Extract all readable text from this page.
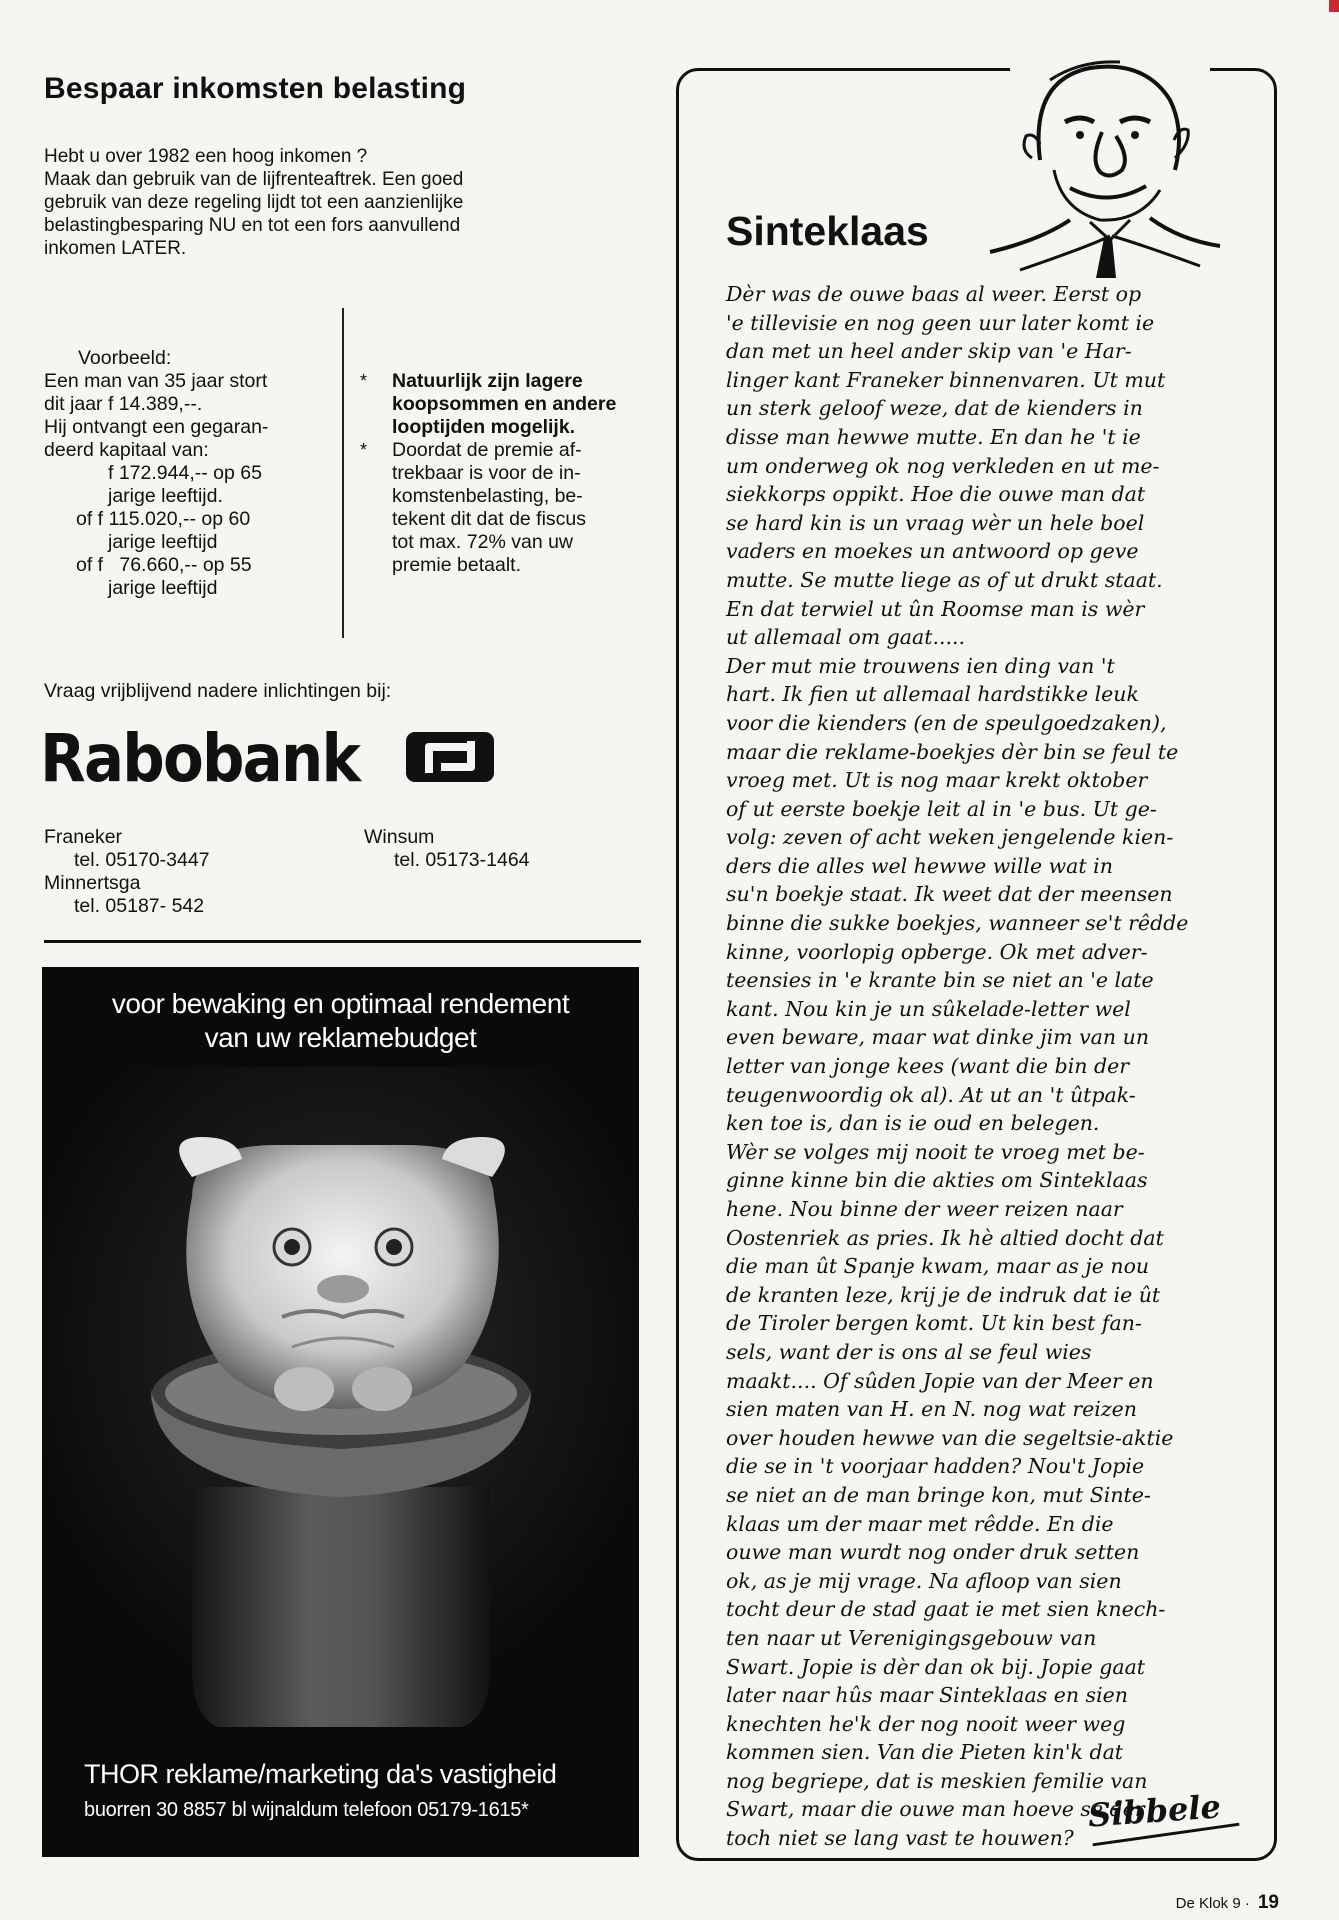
Bespaar inkomsten belasting

Hebt u over 1982 een hoog inkomen ?
Maak dan gebruik van de lijfrenteaftrek. Een goed
gebruik van deze regeling lijdt tot een aanzienlijke
belastingbesparing NU en tot een fors aanvullend
inkomen LATER.

Voorbeeld:
Een man van 35 jaar stort
dit jaar f 14.389,--.
Hij ontvangt een gegaran-
deerd kapitaal van:
f 172.944,-- op 65
jarige leeftijd.
of f 115.020,-- op 60
jarige leeftijd
of f   76.660,-- op 55
jarige leeftijd
*	Natuurlijk zijn lagere
koopsommen en andere
looptijden mogelijk.
*	Doordat de premie af-
trekbaar is voor de in-
komstenbelasting, be-
tekent dit dat de fiscus
tot max. 72% van uw
premie betaalt.
Vraag vrijblijvend nadere inlichtingen bij:
Rabobank
Franeker
tel. 05170-3447
Minnertsga
tel. 05187- 542
Winsum
tel. 05173-1464
voor bewaking en optimaal rendement
van uw reklamebudget
THOR reklame/marketing da's vastigheid
buorren 30 8857 bl wijnaldum telefoon 05179-1615*
Sinteklaas
Dèr was de ouwe baas al weer. Eerst op
'e tillevisie en nog geen uur later komt ie
dan met un heel ander skip van 'e Har-
linger kant Franeker binnenvaren. Ut mut
un sterk geloof weze, dat de kienders in
disse man hewwe mutte. En dan he 't ie
um onderweg ok nog verkleden en ut me-
siekkorps oppikt. Hoe die ouwe man dat
se hard kin is un vraag wèr un hele boel
vaders en moekes un antwoord op geve
mutte. Se mutte liege as of ut drukt staat.
En dat terwiel ut ûn Roomse man is wèr
ut allemaal om gaat.....
Der mut mie trouwens ien ding van 't
hart. Ik fien ut allemaal hardstikke leuk
voor die kienders (en de speulgoedzaken),
maar die reklame-boekjes dèr bin se feul te
vroeg met. Ut is nog maar krekt oktober
of ut eerste boekje leit al in 'e bus. Ut ge-
volg: zeven of acht weken jengelende kien-
ders die alles wel hewwe wille wat in
su'n boekje staat. Ik weet dat der meensen
binne die sukke boekjes, wanneer se't rêdde
kinne, voorlopig opberge. Ok met adver-
teensies in 'e krante bin se niet an 'e late
kant. Nou kin je un sûkelade-letter wel
even beware, maar wat dinke jim van un
letter van jonge kees (want die bin der
teugenwoordig ok al). At ut an 't ûtpak-
ken toe is, dan is ie oud en belegen.
Wèr se volges mij nooit te vroeg met be-
ginne kinne bin die akties om Sinteklaas
hene. Nou binne der weer reizen naar
Oostenriek as pries. Ik hè altied docht dat
die man ût Spanje kwam, maar as je nou
de kranten leze, krij je de indruk dat ie ût
de Tiroler bergen komt. Ut kin best fan-
sels, want der is ons al se feul wies
maakt.... Of sûden Jopie van der Meer en
sien maten van H. en N. nog wat reizen
over houden hewwe van die segeltsie-aktie
die se in 't voorjaar hadden? Nou't Jopie
se niet an de man bringe kon, mut Sinte-
klaas um der maar met rêdde. En die
ouwe man wurdt nog onder druk setten
ok, as je mij vrage. Na afloop van sien
tocht deur de stad gaat ie met sien knech-
ten naar ut Verenigingsgebouw van
Swart. Jopie is dèr dan ok bij. Jopie gaat
later naar hûs maar Sinteklaas en sien
knechten he'k der nog nooit weer weg
kommen sien. Van die Pieten kin'k dat
nog begriepe, dat is meskien femilie van
Swart, maar die ouwe man hoeve se der
toch niet se lang vast te houwen?
Sibbele
De Klok 9 · 19
